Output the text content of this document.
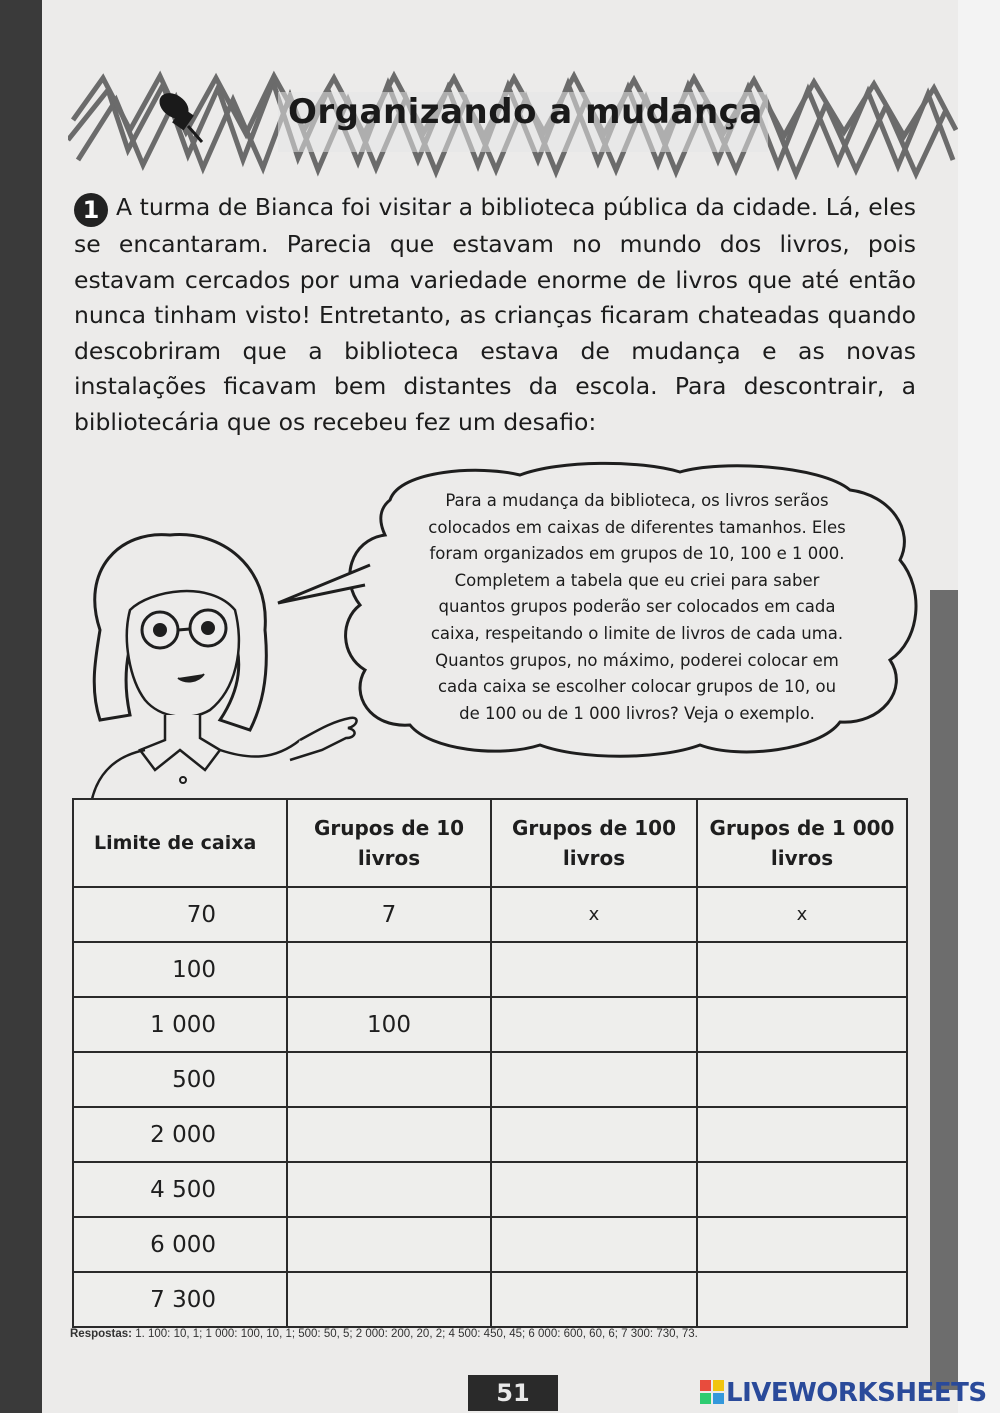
Organizando a mudança
1 A turma de Bianca foi visitar a biblioteca pública da cidade. Lá, eles se encantaram. Parecia que estavam no mundo dos livros, pois estavam cercados por uma variedade enorme de livros que até então nunca tinham visto! Entretanto, as crianças ficaram chateadas quando descobriram que a biblioteca estava de mudança e as novas instalações ficavam bem distantes da escola. Para descontrair, a bibliotecária que os recebeu fez um desafio:
Para a mudança da biblioteca, os livros serãos
colocados em caixas de diferentes tamanhos. Eles
foram organizados em grupos de 10, 100 e 1 000.
Completem a tabela que eu criei para saber
quantos grupos poderão ser colocados em cada
caixa, respeitando o limite de livros de cada uma.
Quantos grupos, no máximo, poderei colocar em
cada caixa se escolher colocar grupos de 10, ou
de 100 ou de 1 000 livros? Veja o exemplo.
Limite de caixa	Grupos de 10 livros	Grupos de 100 livros	Grupos de 1 000 livros
70	7	x	x
100			
1 000	100		
500			
2 000			
4 500			
6 000			
7 300			
Respostas: 1. 100: 10, 1; 1 000: 100, 10, 1; 500: 50, 5; 2 000: 200, 20, 2; 4 500: 450, 45; 6 000: 600, 60, 6; 7 300: 730, 73.
51	LIVEWORKSHEETS
